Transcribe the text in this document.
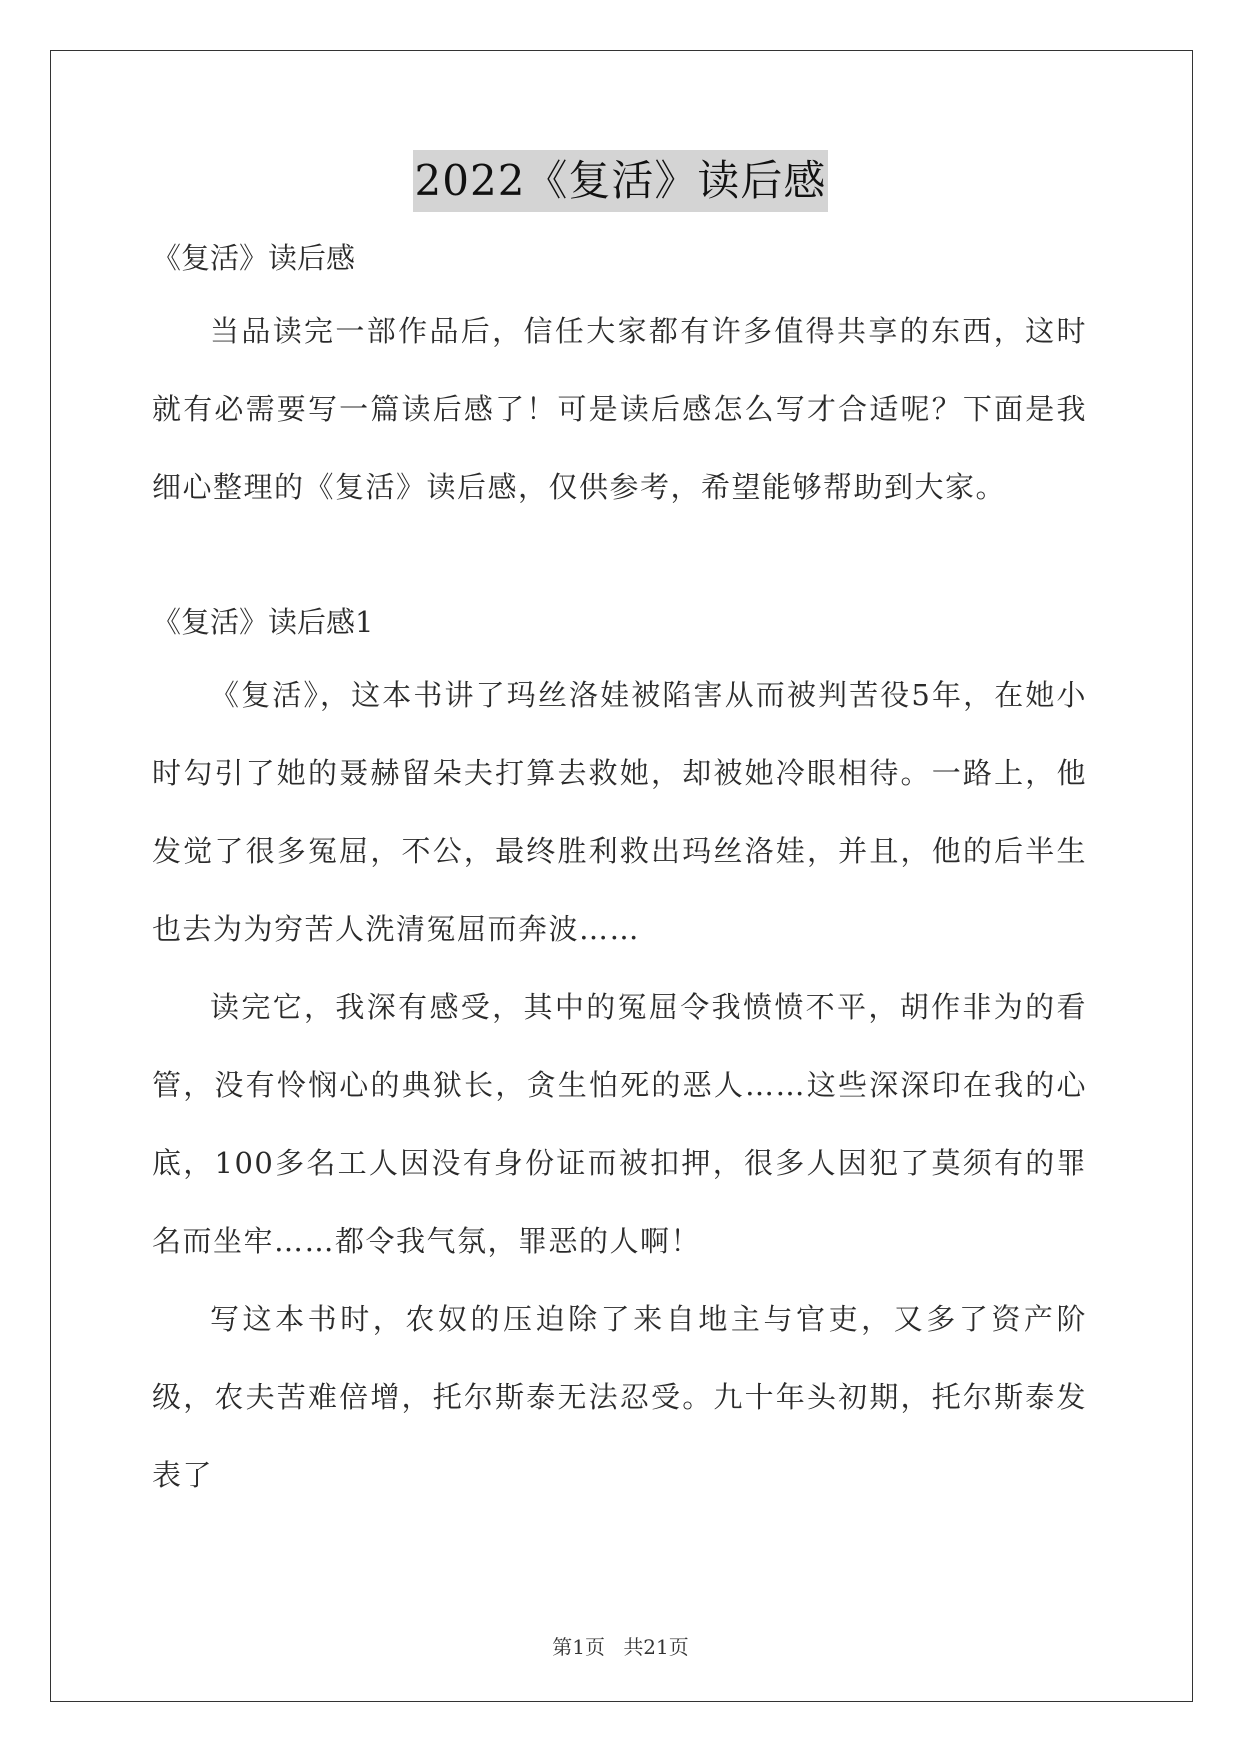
2022《复活》读后感
《复活》读后感
当品读完一部作品后，信任大家都有许多值得共享的东西，这时就有必需要写一篇读后感了！可是读后感怎么写才合适呢？下面是我细心整理的《复活》读后感，仅供参考，希望能够帮助到大家。
《复活》读后感1
《复活》，这本书讲了玛丝洛娃被陷害从而被判苦役5年，在她小时勾引了她的聂赫留朵夫打算去救她，却被她冷眼相待。一路上，他发觉了很多冤屈，不公，最终胜利救出玛丝洛娃，并且，他的后半生也去为为穷苦人洗清冤屈而奔波……
读完它，我深有感受，其中的冤屈令我愤愤不平，胡作非为的看管，没有怜悯心的典狱长，贪生怕死的恶人……这些深深印在我的心底，100多名工人因没有身份证而被扣押，很多人因犯了莫须有的罪名而坐牢……都令我气氛，罪恶的人啊！
写这本书时，农奴的压迫除了来自地主与官吏，又多了资产阶级，农夫苦难倍增，托尔斯泰无法忍受。九十年头初期，托尔斯泰发表了
第1页 共21页
